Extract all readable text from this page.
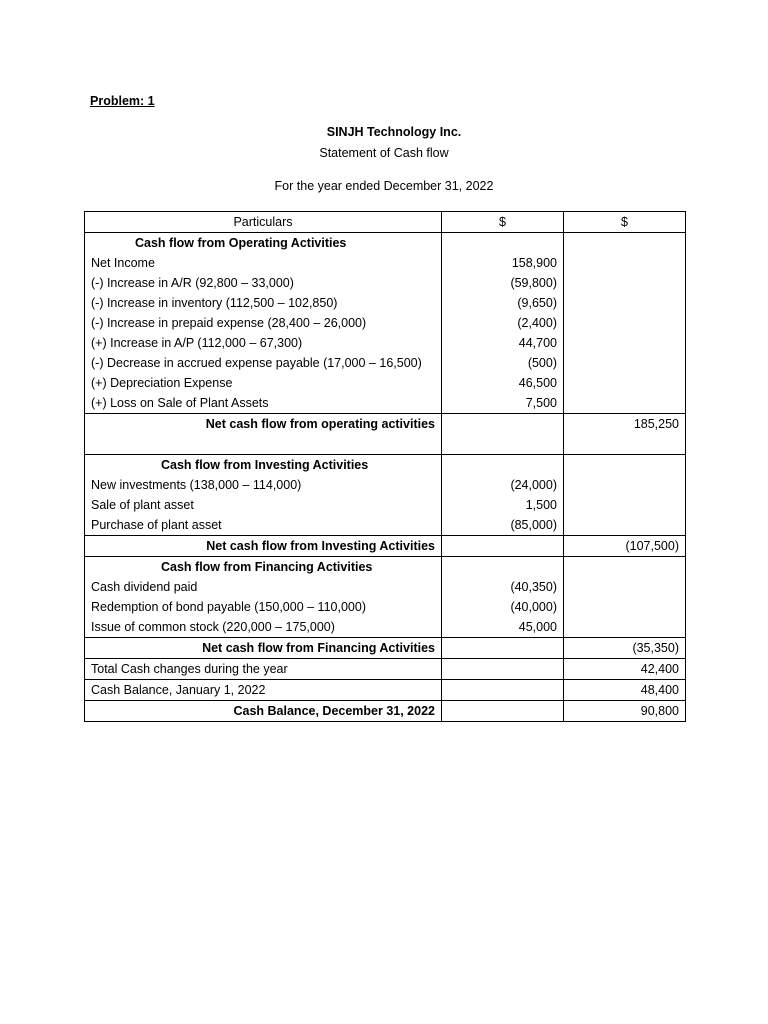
Problem: 1
SINJH Technology Inc.
Statement of Cash flow
For the year ended December 31, 2022
Particulars	$	$
Cash flow from Operating Activities		
Net Income	158,900	
(-) Increase in A/R (92,800 – 33,000)	(59,800)	
(-) Increase in inventory (112,500 – 102,850)	(9,650)	
(-) Increase in prepaid expense (28,400 – 26,000)	(2,400)	
(+) Increase in A/P (112,000 – 67,300)	44,700	
(-) Decrease in accrued expense payable (17,000 – 16,500)	(500)	
(+) Depreciation Expense	46,500	
(+) Loss on Sale of Plant Assets	7,500	
Net cash flow from operating activities		185,250
Cash flow from Investing Activities		
New investments (138,000 – 114,000)	(24,000)	
Sale of plant asset	1,500	
Purchase of plant asset	(85,000)	
Net cash flow from Investing Activities		(107,500)
Cash flow from Financing Activities		
Cash dividend paid	(40,350)	
Redemption of bond payable (150,000 – 110,000)	(40,000)	
Issue of common stock (220,000 – 175,000)	45,000	
Net cash flow from Financing Activities		(35,350)
Total Cash changes during the year		42,400
Cash Balance, January 1, 2022		48,400
Cash Balance, December 31, 2022		90,800
